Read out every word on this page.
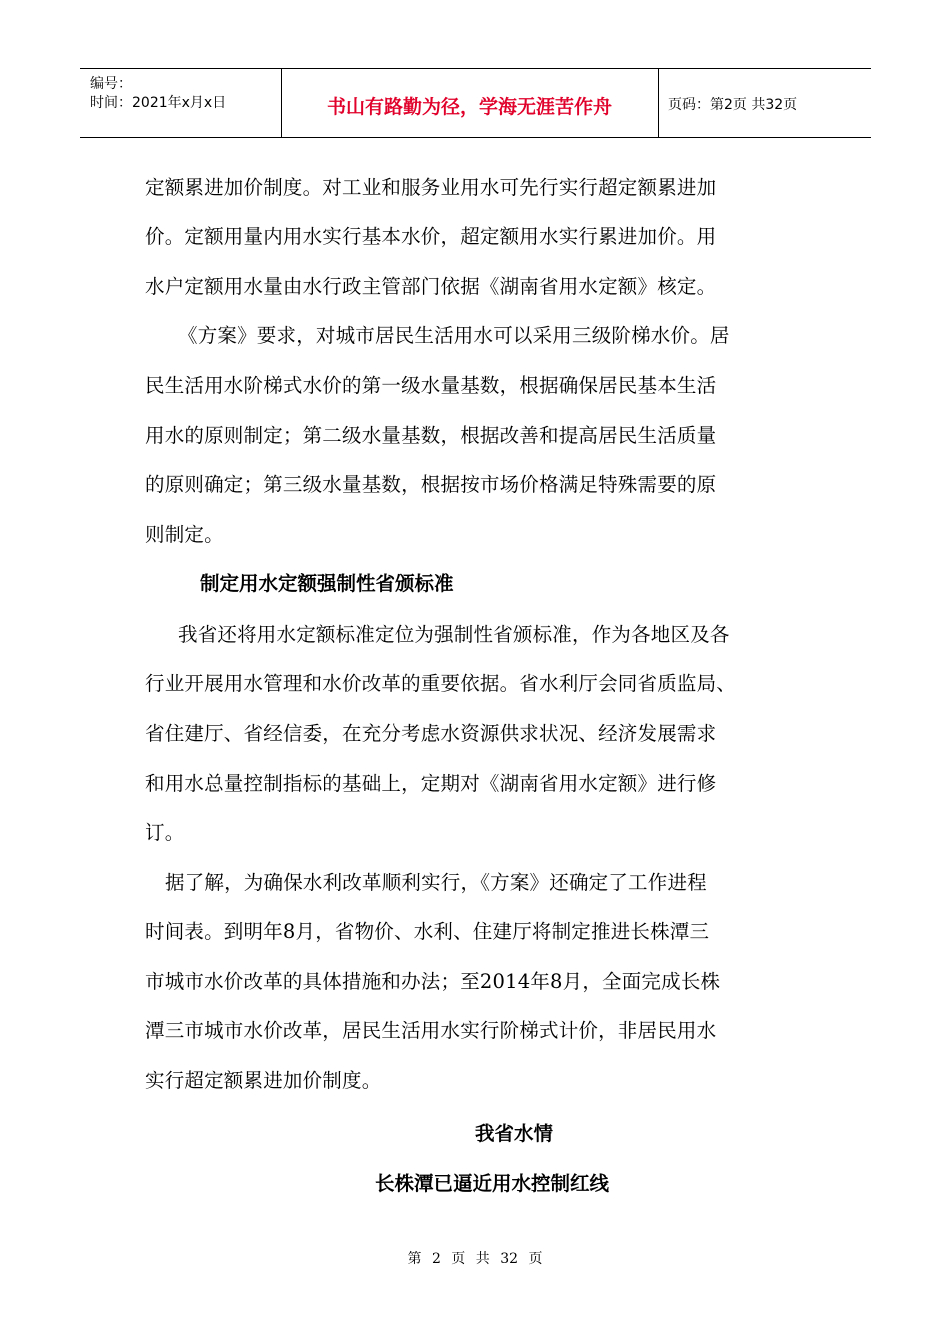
编号：
时间：2021年x月x日	书山有路勤为径，学海无涯苦作舟	页码：第2页 共32页
定额累进加价制度。对工业和服务业用水可先行实行超定额累进加
价。定额用量内用水实行基本水价，超定额用水实行累进加价。用
水户定额用水量由水行政主管部门依据《湖南省用水定额》核定。
《方案》要求，对城市居民生活用水可以采用三级阶梯水价。居
民生活用水阶梯式水价的第一级水量基数，根据确保居民基本生活
用水的原则制定；第二级水量基数，根据改善和提高居民生活质量
的原则确定；第三级水量基数，根据按市场价格满足特殊需要的原
则制定。
制定用水定额强制性省颁标准
我省还将用水定额标准定位为强制性省颁标准，作为各地区及各
行业开展用水管理和水价改革的重要依据。省水利厅会同省质监局、
省住建厅、省经信委，在充分考虑水资源供求状况、经济发展需求
和用水总量控制指标的基础上，定期对《湖南省用水定额》进行修
订。
据了解，为确保水利改革顺利实行，《方案》还确定了工作进程
时间表。到明年8月，省物价、水利、住建厅将制定推进长株潭三
市城市水价改革的具体措施和办法；至2014年8月，全面完成长株
潭三市城市水价改革，居民生活用水实行阶梯式计价，非居民用水
实行超定额累进加价制度。
我省水情
长株潭已逼近用水控制红线
第 2 页 共 32 页
